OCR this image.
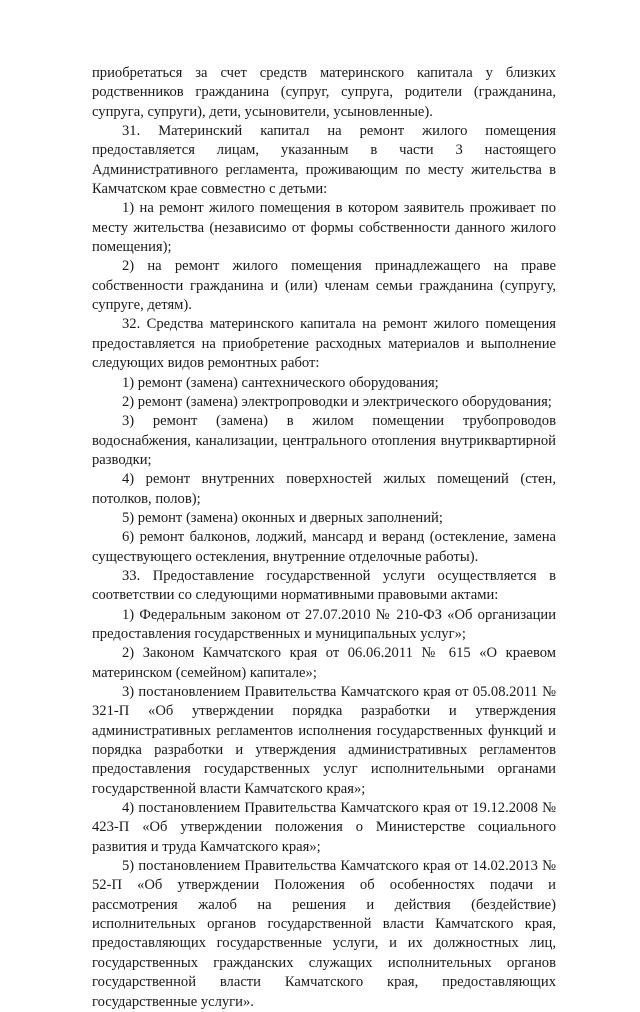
приобретаться за счет средств материнского капитала у близких родственников гражданина (супруг, супруга, родители (гражданина, супруга, супруги), дети, усыновители, усыновленные).

31. Материнский капитал на ремонт жилого помещения предоставляется лицам, указанным в части 3 настоящего Административного регламента, проживающим по месту жительства в Камчатском крае совместно с детьми:

1) на ремонт жилого помещения в котором заявитель проживает по месту жительства (независимо от формы собственности данного жилого помещения);

2) на ремонт жилого помещения принадлежащего на праве собственности гражданина и (или) членам семьи гражданина (супругу, супруге, детям).

32. Средства материнского капитала на ремонт жилого помещения предоставляется на приобретение расходных материалов и выполнение следующих видов ремонтных работ:

1) ремонт (замена) сантехнического оборудования;

2) ремонт (замена) электропроводки и электрического оборудования;

3) ремонт (замена) в жилом помещении трубопроводов водоснабжения, канализации, центрального отопления внутриквартирной разводки;

4) ремонт внутренних поверхностей жилых помещений (стен, потолков, полов);

5) ремонт (замена) оконных и дверных заполнений;

6) ремонт балконов, лоджий, мансард и веранд (остекление, замена существующего остекления, внутренние отделочные работы).

33. Предоставление государственной услуги осуществляется в соответствии со следующими нормативными правовыми актами:

1) Федеральным законом от 27.07.2010 № 210-ФЗ «Об организации предоставления государственных и муниципальных услуг»;

2) Законом Камчатского края от 06.06.2011 № 615 «О краевом материнском (семейном) капитале»;

3) постановлением Правительства Камчатского края от 05.08.2011 № 321-П «Об утверждении порядка разработки и утверждения административных регламентов исполнения государственных функций и порядка разработки и утверждения административных регламентов предоставления государственных услуг исполнительными органами государственной власти Камчатского края»;

4) постановлением Правительства Камчатского края от 19.12.2008 № 423-П «Об утверждении положения о Министерстве социального развития и труда Камчатского края»;

5) постановлением Правительства Камчатского края от 14.02.2013 № 52-П «Об утверждении Положения об особенностях подачи и рассмотрения жалоб на решения и действия (бездействие) исполнительных органов государственной власти Камчатского края, предоставляющих государственные услуги, и их должностных лиц, государственных гражданских служащих исполнительных органов государственной власти Камчатского края, предоставляющих государственные услуги».
